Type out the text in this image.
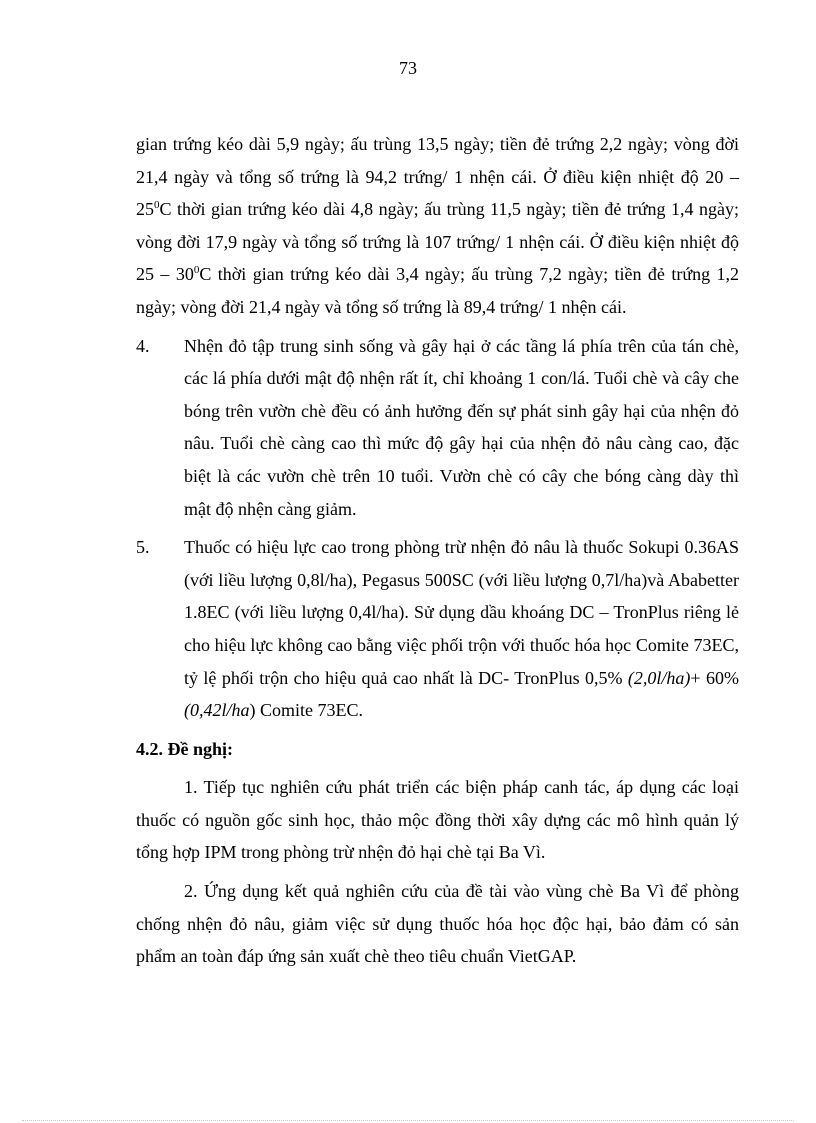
73

gian trứng kéo dài 5,9 ngày; ấu trùng 13,5 ngày; tiền đẻ trứng 2,2 ngày; vòng đời 21,4 ngày và tổng số trứng là 94,2 trứng/ 1 nhện cái. Ở điều kiện nhiệt độ $20 - 25^0C$ thời gian trứng kéo dài 4,8 ngày; ấu trùng 11,5 ngày; tiền đẻ trứng 1,4 ngày; vòng đời 17,9 ngày và tổng số trứng là 107 trứng/ 1 nhện cái. Ở điều kiện nhiệt độ $25 - 30^0C$ thời gian trứng kéo dài 3,4 ngày; ấu trùng 7,2 ngày; tiền đẻ trứng 1,2 ngày; vòng đời 21,4 ngày và tổng số trứng là 89,4 trứng/ 1 nhện cái.

4.	Nhện đỏ tập trung sinh sống và gây hại ở các tầng lá phía trên của tán chè, các lá phía dưới mật độ nhện rất ít, chỉ khoảng 1 con/lá. Tuổi chè và cây che bóng trên vườn chè đều có ảnh hưởng đến sự phát sinh gây hại của nhện đỏ nâu. Tuổi chè càng cao thì mức độ gây hại của nhện đỏ nâu càng cao, đặc biệt là các vườn chè trên 10 tuổi. Vườn chè có cây che bóng càng dày thì mật độ nhện càng giảm.

5.	Thuốc có hiệu lực cao trong phòng trừ nhện đỏ nâu là thuốc Sokupi 0.36AS (với liều lượng 0,8l/ha), Pegasus 500SC (với liều lượng 0,7l/ha)và Ababetter 1.8EC (với liều lượng 0,4l/ha). Sử dụng dầu khoáng DC – TronPlus riêng lẻ cho hiệu lực không cao bằng việc phối trộn với thuốc hóa học Comite 73EC, tỷ lệ phối trộn cho hiệu quả cao nhất là DC- TronPlus 0,5% (2,0l/ha)+ 60% (0,42l/ha) Comite 73EC.

4.2. Đề nghị:

1. Tiếp tục nghiên cứu phát triển các biện pháp canh tác, áp dụng các loại thuốc có nguồn gốc sinh học, thảo mộc đồng thời xây dựng các mô hình quản lý tổng hợp IPM trong phòng trừ nhện đỏ hại chè tại Ba Vì.

2. Ứng dụng kết quả nghiên cứu của đề tài vào vùng chè Ba Vì để phòng chống nhện đỏ nâu, giảm việc sử dụng thuốc hóa học độc hại, bảo đảm có sản phẩm an toàn đáp ứng sản xuất chè theo tiêu chuẩn VietGAP.
